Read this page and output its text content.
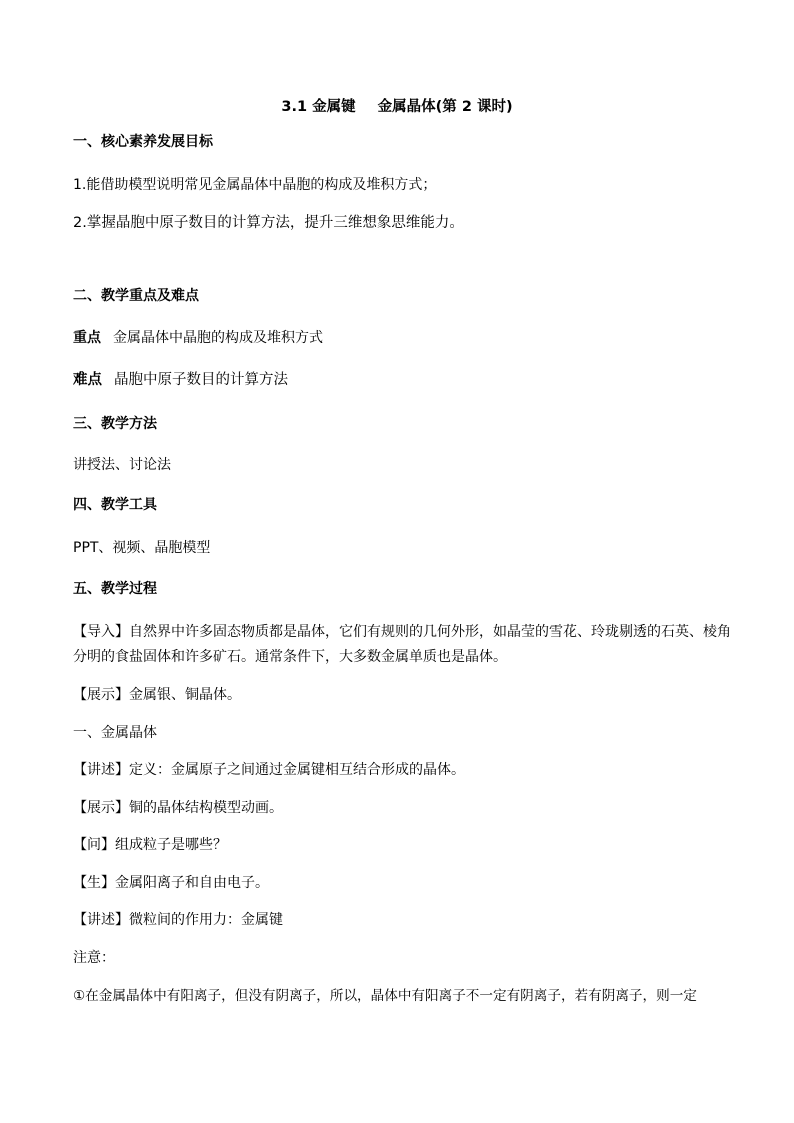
3.1 金属键 金属晶体(第 2 课时)
一、核心素养发展目标
1.能借助模型说明常见金属晶体中晶胞的构成及堆积方式；
2.掌握晶胞中原子数目的计算方法，提升三维想象思维能力。
二、教学重点及难点
重点 金属晶体中晶胞的构成及堆积方式
难点 晶胞中原子数目的计算方法
三、教学方法
讲授法、讨论法
四、教学工具
PPT、视频、晶胞模型
五、教学过程
【导入】自然界中许多固态物质都是晶体，它们有规则的几何外形，如晶莹的雪花、玲珑剔透的石英、棱角分明的食盐固体和许多矿石。通常条件下，大多数金属单质也是晶体。
【展示】金属银、铜晶体。
一、金属晶体
【讲述】定义：金属原子之间通过金属键相互结合形成的晶体。
【展示】铜的晶体结构模型动画。
【问】组成粒子是哪些？
【生】金属阳离子和自由电子。
【讲述】微粒间的作用力：金属键
注意：
①在金属晶体中有阳离子，但没有阴离子，所以，晶体中有阳离子不一定有阴离子，若有阴离子，则一定
